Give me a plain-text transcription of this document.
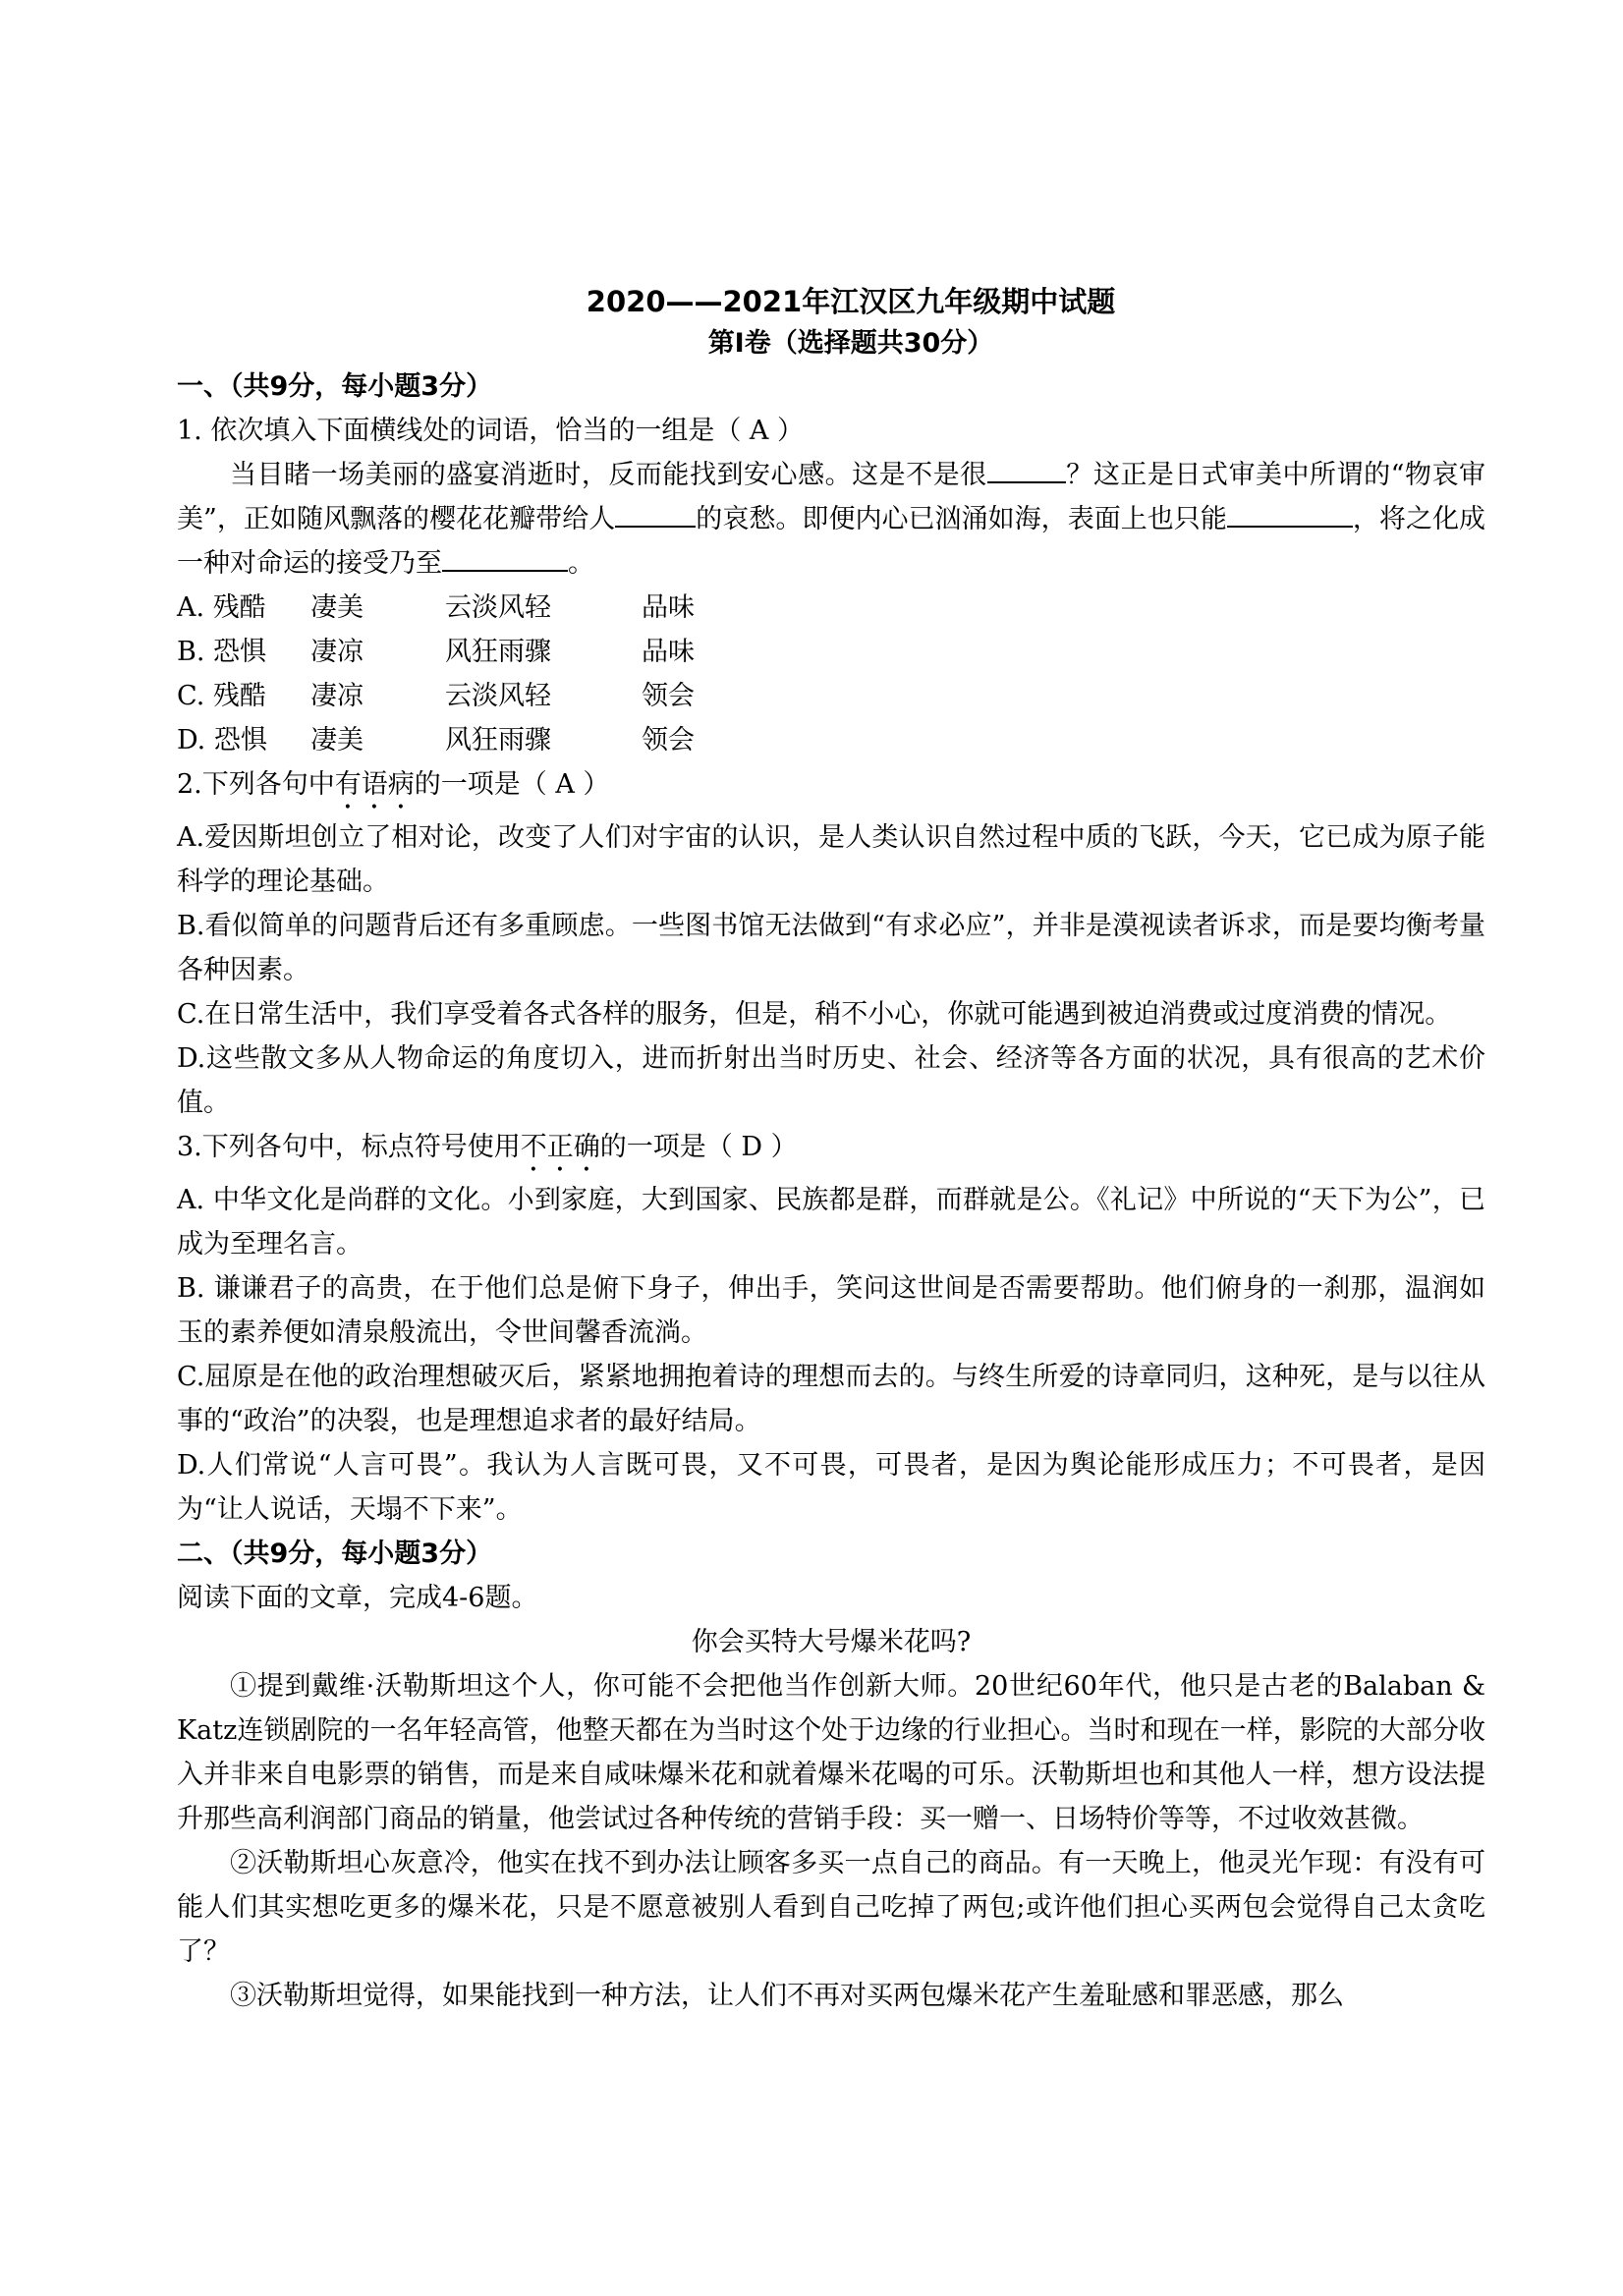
2020——2021年江汉区九年级期中试题

第Ⅰ卷（选择题共30分）

一、（共9分，每小题3分）

1. 依次填入下面横线处的词语，恰当的一组是（ A ）

当目睹一场美丽的盛宴消逝时，反而能找到安心感。这是不是很	？这正是日式审美中所谓的“物哀审美”，正如随风飘落的樱花花瓣带给人	的哀愁。即便内心已汹涌如海，表面上也只能	，将之化成一种对命运的接受乃至	。

A. 残酷 凄美	云淡风轻	品味

B. 恐惧 凄凉	风狂雨骤	品味

C. 残酷 凄凉	云淡风轻	领会

D. 恐惧 凄美	风狂雨骤	领会

2.下列各句中有语病的一项是（ A ）

A.爱因斯坦创立了相对论，改变了人们对宇宙的认识，是人类认识自然过程中质的飞跃，今天，它已成为原子能科学的理论基础。

B.看似简单的问题背后还有多重顾虑。一些图书馆无法做到“有求必应”，并非是漠视读者诉求，而是要均衡考量各种因素。

C.在日常生活中，我们享受着各式各样的服务，但是，稍不小心，你就可能遇到被迫消费或过度消费的情况。

D.这些散文多从人物命运的角度切入，进而折射出当时历史、社会、经济等各方面的状况，具有很高的艺术价值。

3.下列各句中，标点符号使用不正确的一项是（ D ）

A. 中华文化是尚群的文化。小到家庭，大到国家、民族都是群，而群就是公。《礼记》中所说的“天下为公”，已成为至理名言。

B. 谦谦君子的高贵，在于他们总是俯下身子，伸出手，笑问这世间是否需要帮助。他们俯身的一刹那，温润如玉的素养便如清泉般流出，令世间馨香流淌。

C.屈原是在他的政治理想破灭后，紧紧地拥抱着诗的理想而去的。与终生所爱的诗章同归，这种死，是与以往从事的“政治”的决裂，也是理想追求者的最好结局。

D.人们常说“人言可畏”。我认为人言既可畏，又不可畏，可畏者，是因为舆论能形成压力；不可畏者，是因为“让人说话，天塌不下来”。

二、（共9分，每小题3分）

阅读下面的文章，完成4-6题。

你会买特大号爆米花吗?

①提到戴维·沃勒斯坦这个人，你可能不会把他当作创新大师。20世纪60年代，他只是古老的Balaban & Katz连锁剧院的一名年轻高管，他整天都在为当时这个处于边缘的行业担心。当时和现在一样，影院的大部分收入并非来自电影票的销售，而是来自咸味爆米花和就着爆米花喝的可乐。沃勒斯坦也和其他人一样，想方设法提升那些高利润部门商品的销量，他尝试过各种传统的营销手段：买一赠一、日场特价等等，不过收效甚微。

②沃勒斯坦心灰意冷，他实在找不到办法让顾客多买一点自己的商品。有一天晚上，他灵光乍现：有没有可能人们其实想吃更多的爆米花，只是不愿意被别人看到自己吃掉了两包;或许他们担心买两包会觉得自己太贪吃了？

③沃勒斯坦觉得，如果能找到一种方法，让人们不再对买两包爆米花产生羞耻感和罪恶感，那么
